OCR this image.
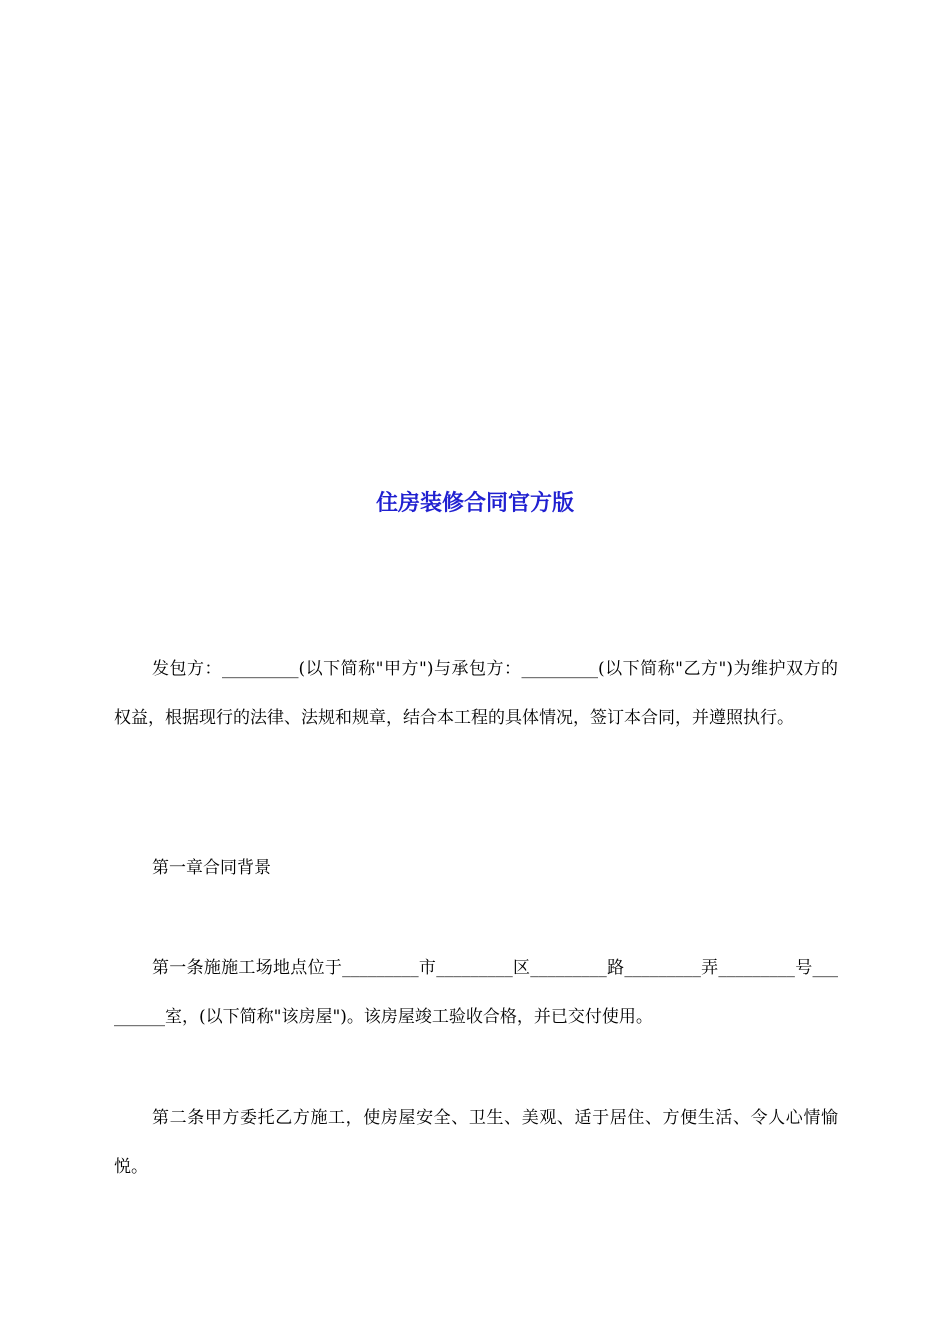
住房装修合同官方版

发包方：_________(以下简称"甲方")与承包方：_________(以下简称"乙方")为维护双方的权益，根据现行的法律、法规和规章，结合本工程的具体情况，签订本合同，并遵照执行。

第一章合同背景

第一条施施工场地点位于_________市_________区_________路_________弄_________号_________室，(以下简称"该房屋")。该房屋竣工验收合格，并已交付使用。

第二条甲方委托乙方施工，使房屋安全、卫生、美观、适于居住、方便生活、令人心情愉悦。
